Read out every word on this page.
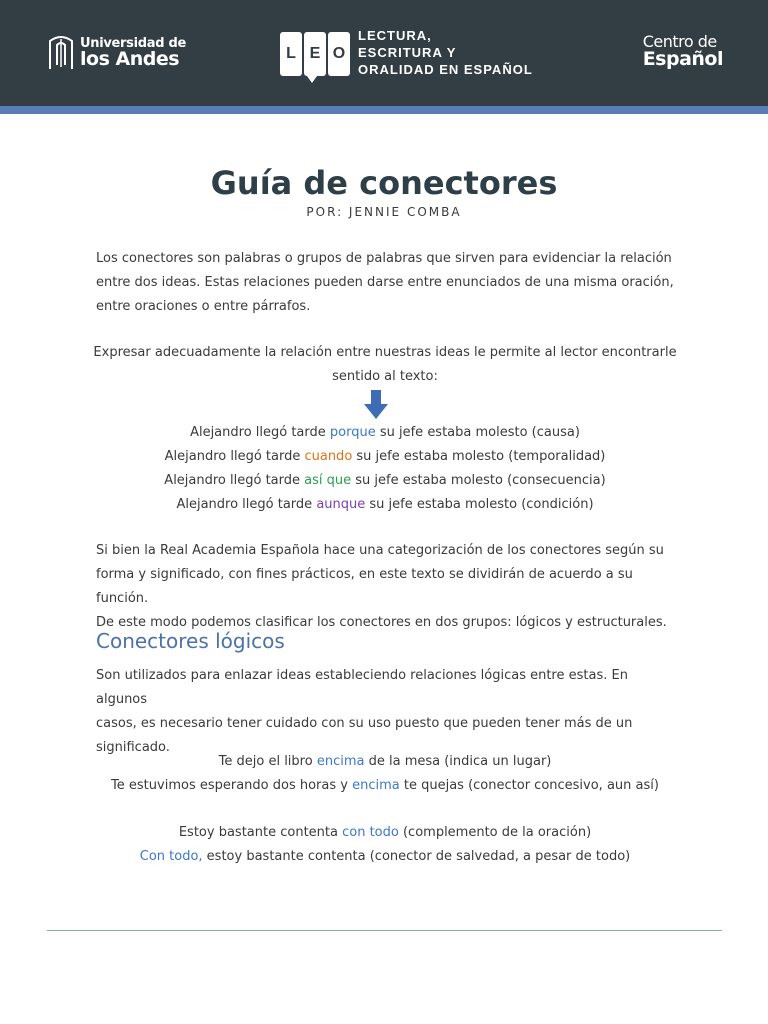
Universidad de
los Andes	L E O
LECTURA,
ESCRITURA Y
ORALIDAD EN ESPAÑOL
Centro de
Español
Guía de conectores
POR: JENNIE COMBA
Los conectores son palabras o grupos de palabras que sirven para evidenciar la relación
entre dos ideas. Estas relaciones pueden darse entre enunciados de una misma oración,
entre oraciones o entre párrafos.
Expresar adecuadamente la relación entre nuestras ideas le permite al lector encontrarle
sentido al texto:
Alejandro llegó tarde porque su jefe estaba molesto (causa)
Alejandro llegó tarde cuando su jefe estaba molesto (temporalidad)
Alejandro llegó tarde así que su jefe estaba molesto (consecuencia)
Alejandro llegó tarde aunque su jefe estaba molesto (condición)
Si bien la Real Academia Española hace una categorización de los conectores según su
forma y significado, con fines prácticos, en este texto se dividirán de acuerdo a su función.
De este modo podemos clasificar los conectores en dos grupos: lógicos y estructurales.
Conectores lógicos
Son utilizados para enlazar ideas estableciendo relaciones lógicas entre estas. En algunos
casos, es necesario tener cuidado con su uso puesto que pueden tener más de un
significado.
Te dejo el libro encima de la mesa (indica un lugar)
Te estuvimos esperando dos horas y encima te quejas (conector concesivo, aun así)
Estoy bastante contenta con todo (complemento de la oración)
Con todo, estoy bastante contenta (conector de salvedad, a pesar de todo)
